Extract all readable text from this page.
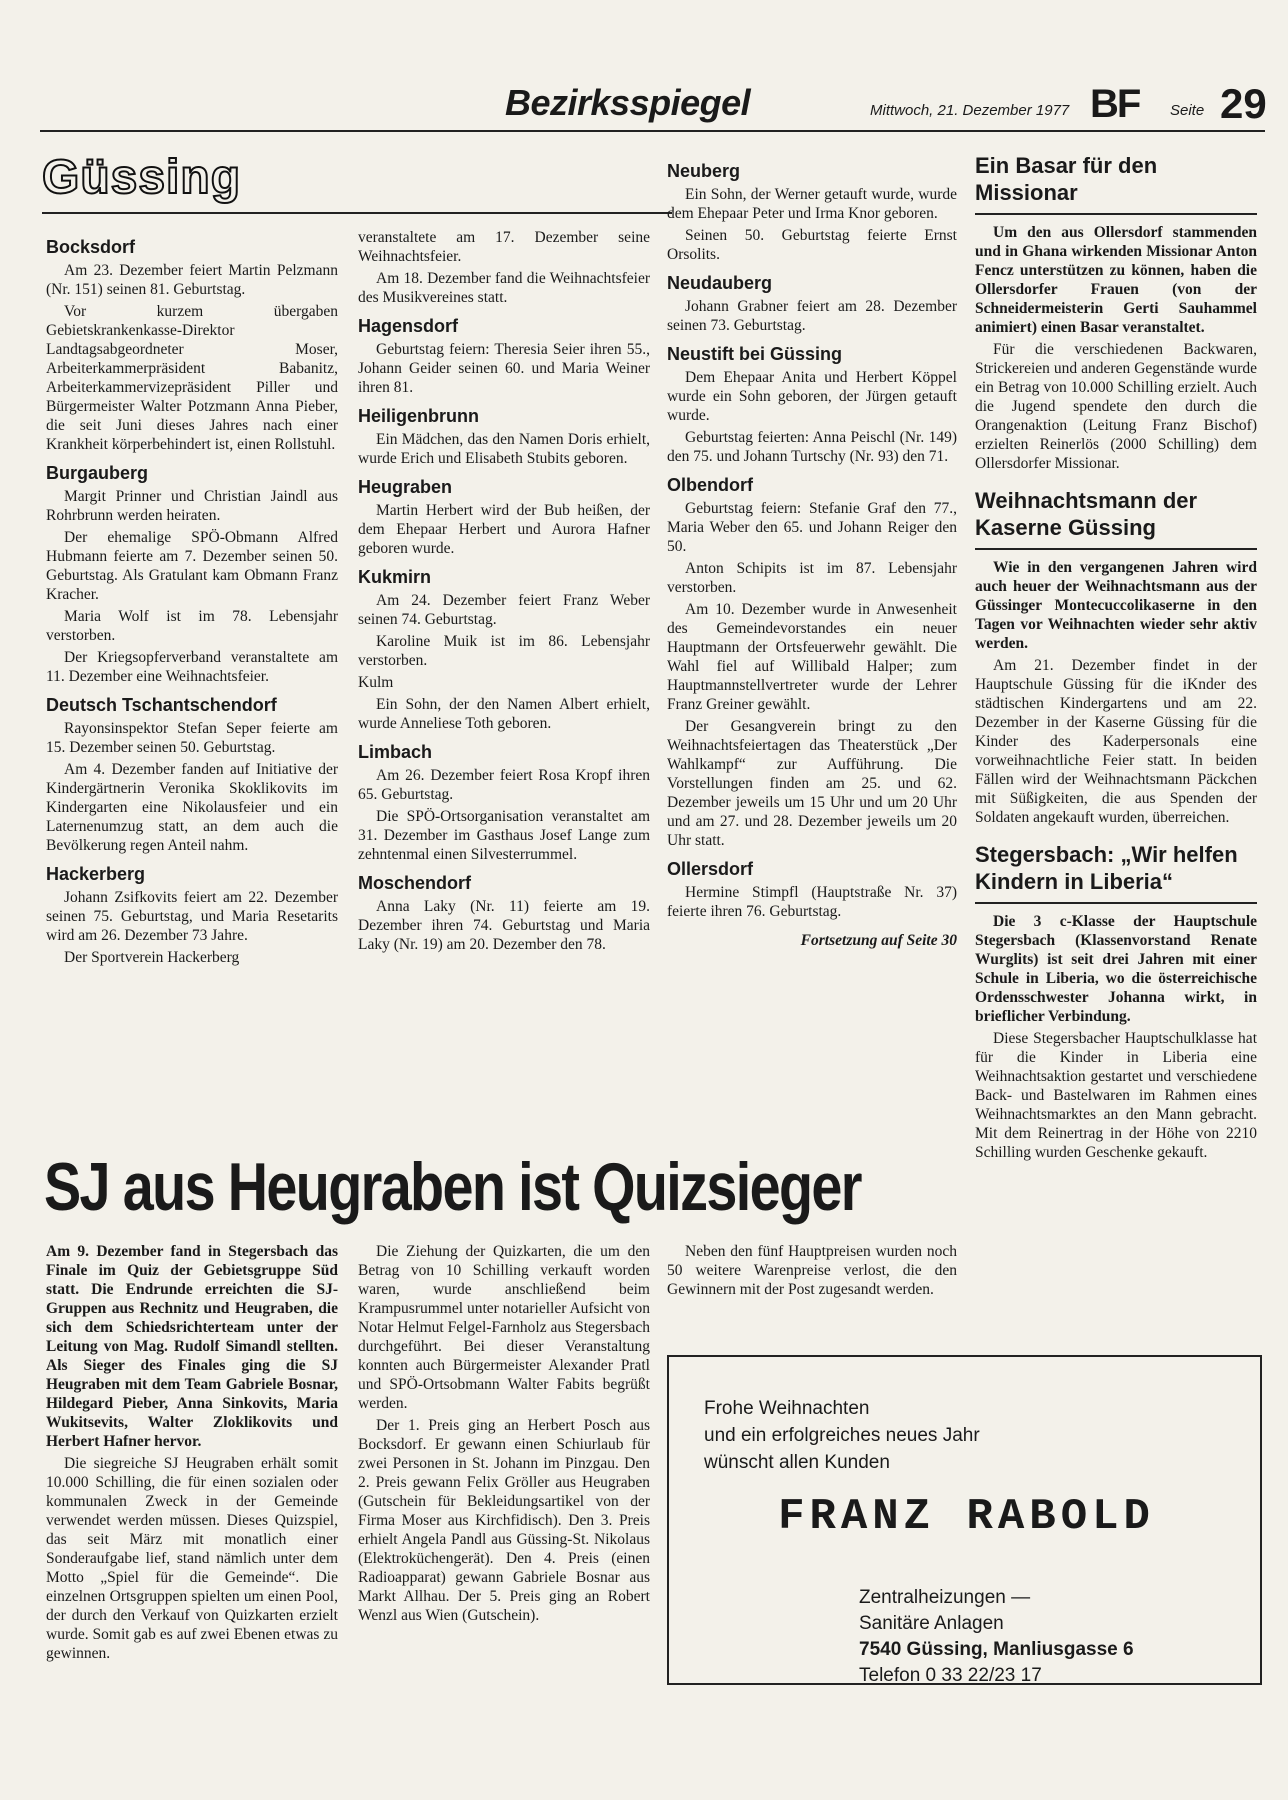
Bezirksspiegel	Mittwoch, 21. Dezember 1977 BF Seite 29
Güssing
Bocksdorf

Am 23. Dezember feiert Martin Pelzmann (Nr. 151) seinen 81. Geburtstag.

Vor kurzem übergaben Gebietskrankenkasse-Direktor Landtagsabgeordneter Moser, Arbeiterkammerpräsident Babanitz, Arbeiterkammervizepräsident Piller und Bürgermeister Walter Potzmann Anna Pieber, die seit Juni dieses Jahres nach einer Krankheit körperbehindert ist, einen Rollstuhl.

Burgauberg

Margit Prinner und Christian Jaindl aus Rohrbrunn werden heiraten.

Der ehemalige SPÖ-Obmann Alfred Hubmann feierte am 7. Dezember seinen 50. Geburtstag. Als Gratulant kam Obmann Franz Kracher.

Maria Wolf ist im 78. Lebensjahr verstorben.

Der Kriegsopferverband veranstaltete am 11. Dezember eine Weihnachtsfeier.

Deutsch Tschantschendorf

Rayonsinspektor Stefan Seper feierte am 15. Dezember seinen 50. Geburtstag.

Am 4. Dezember fanden auf Initiative der Kindergärtnerin Veronika Skoklikovits im Kindergarten eine Nikolausfeier und ein Laternenumzug statt, an dem auch die Bevölkerung regen Anteil nahm.

Hackerberg

Johann Zsifkovits feiert am 22. Dezember seinen 75. Geburtstag, und Maria Resetarits wird am 26. Dezember 73 Jahre.

Der Sportverein Hackerberg

veranstaltete am 17. Dezember seine Weihnachtsfeier.

Am 18. Dezember fand die Weihnachtsfeier des Musikvereines statt.

Hagensdorf

Geburtstag feiern: Theresia Seier ihren 55., Johann Geider seinen 60. und Maria Weiner ihren 81.

Heiligenbrunn

Ein Mädchen, das den Namen Doris erhielt, wurde Erich und Elisabeth Stubits geboren.

Heugraben

Martin Herbert wird der Bub heißen, der dem Ehepaar Herbert und Aurora Hafner geboren wurde.

Kukmirn

Am 24. Dezember feiert Franz Weber seinen 74. Geburtstag.

Karoline Muik ist im 86. Lebensjahr verstorben.

Kulm

Ein Sohn, der den Namen Albert erhielt, wurde Anneliese Toth geboren.

Limbach

Am 26. Dezember feiert Rosa Kropf ihren 65. Geburtstag.

Die SPÖ-Ortsorganisation veranstaltet am 31. Dezember im Gasthaus Josef Lange zum zehntenmal einen Silvesterrummel.

Moschendorf

Anna Laky (Nr. 11) feierte am 19. Dezember ihren 74. Geburtstag und Maria Laky (Nr. 19) am 20. Dezember den 78.

Neuberg

Ein Sohn, der Werner getauft wurde, wurde dem Ehepaar Peter und Irma Knor geboren.

Seinen 50. Geburtstag feierte Ernst Orsolits.

Neudauberg

Johann Grabner feiert am 28. Dezember seinen 73. Geburtstag.

Neustift bei Güssing

Dem Ehepaar Anita und Herbert Köppel wurde ein Sohn geboren, der Jürgen getauft wurde.

Geburtstag feierten: Anna Peischl (Nr. 149) den 75. und Johann Turtschy (Nr. 93) den 71.

Olbendorf

Geburtstag feiern: Stefanie Graf den 77., Maria Weber den 65. und Johann Reiger den 50.

Anton Schipits ist im 87. Lebensjahr verstorben.

Am 10. Dezember wurde in Anwesenheit des Gemeindevorstandes ein neuer Hauptmann der Ortsfeuerwehr gewählt. Die Wahl fiel auf Willibald Halper; zum Hauptmannstellvertreter wurde der Lehrer Franz Greiner gewählt.

Der Gesangverein bringt zu den Weihnachtsfeiertagen das Theaterstück „Der Wahlkampf“ zur Aufführung. Die Vorstellungen finden am 25. und 62. Dezember jeweils um 15 Uhr und um 20 Uhr und am 27. und 28. Dezember jeweils um 20 Uhr statt.

Ollersdorf

Hermine Stimpfl (Hauptstraße Nr. 37) feierte ihren 76. Geburtstag.

Fortsetzung auf Seite 30

Ein Basar für den Missionar

Um den aus Ollersdorf stammenden und in Ghana wirkenden Missionar Anton Fencz unterstützen zu können, haben die Ollersdorfer Frauen (von der Schneidermeisterin Gerti Sauhammel animiert) einen Basar veranstaltet.

Für die verschiedenen Backwaren, Strickereien und anderen Gegenstände wurde ein Betrag von 10.000 Schilling erzielt. Auch die Jugend spendete den durch die Orangenaktion (Leitung Franz Bischof) erzielten Reinerlös (2000 Schilling) dem Ollersdorfer Missionar.

Weihnachtsmann der Kaserne Güssing

Wie in den vergangenen Jahren wird auch heuer der Weihnachtsmann aus der Güssinger Montecuccolikaserne in den Tagen vor Weihnachten wieder sehr aktiv werden.

Am 21. Dezember findet in der Hauptschule Güssing für die iKnder des städtischen Kindergartens und am 22. Dezember in der Kaserne Güssing für die Kinder des Kaderpersonals eine vorweihnachtliche Feier statt. In beiden Fällen wird der Weihnachtsmann Päckchen mit Süßigkeiten, die aus Spenden der Soldaten angekauft wurden, überreichen.

Stegersbach: „Wir helfen Kindern in Liberia“

Die 3 c-Klasse der Hauptschule Stegersbach (Klassenvorstand Renate Wurglits) ist seit drei Jahren mit einer Schule in Liberia, wo die österreichische Ordensschwester Johanna wirkt, in brieflicher Verbindung.

Diese Stegersbacher Hauptschulklasse hat für die Kinder in Liberia eine Weihnachtsaktion gestartet und verschiedene Back- und Bastelwaren im Rahmen eines Weihnachtsmarktes an den Mann gebracht. Mit dem Reinertrag in der Höhe von 2210 Schilling wurden Geschenke gekauft.

SJ aus Heugraben ist Quizsieger

Am 9. Dezember fand in Stegersbach das Finale im Quiz der Gebietsgruppe Süd statt. Die Endrunde erreichten die SJ-Gruppen aus Rechnitz und Heugraben, die sich dem Schiedsrichterteam unter der Leitung von Mag. Rudolf Simandl stellten. Als Sieger des Finales ging die SJ Heugraben mit dem Team Gabriele Bosnar, Hildegard Pieber, Anna Sinkovits, Maria Wukitsevits, Walter Zloklikovits und Herbert Hafner hervor.

Die siegreiche SJ Heugraben erhält somit 10.000 Schilling, die für einen sozialen oder kommunalen Zweck in der Gemeinde verwendet werden müssen. Dieses Quizspiel, das seit März mit monatlich einer Sonderaufgabe lief, stand nämlich unter dem Motto „Spiel für die Gemeinde“. Die einzelnen Ortsgruppen spielten um einen Pool, der durch den Verkauf von Quizkarten erzielt wurde. Somit gab es auf zwei Ebenen etwas zu gewinnen.

Die Ziehung der Quizkarten, die um den Betrag von 10 Schilling verkauft worden waren, wurde anschließend beim Krampusrummel unter notarieller Aufsicht von Notar Helmut Felgel-Farnholz aus Stegersbach durchgeführt. Bei dieser Veranstaltung konnten auch Bürgermeister Alexander Pratl und SPÖ-Ortsobmann Walter Fabits begrüßt werden.

Der 1. Preis ging an Herbert Posch aus Bocksdorf. Er gewann einen Schiurlaub für zwei Personen in St. Johann im Pinzgau. Den 2. Preis gewann Felix Gröller aus Heugraben (Gutschein für Bekleidungsartikel von der Firma Moser aus Kirchfidisch). Den 3. Preis erhielt Angela Pandl aus Güssing-St. Nikolaus (Elektroküchengerät). Den 4. Preis (einen Radioapparat) gewann Gabriele Bosnar aus Markt Allhau. Der 5. Preis ging an Robert Wenzl aus Wien (Gutschein).

Neben den fünf Hauptpreisen wurden noch 50 weitere Warenpreise verlost, die den Gewinnern mit der Post zugesandt werden.

Frohe Weihnachten
und ein erfolgreiches neues Jahr
wünscht allen Kunden
FRANZ RABOLD
Zentralheizungen —
Sanitäre Anlagen
7540 Güssing, Manliusgasse 6
Telefon 0 33 22/23 17
